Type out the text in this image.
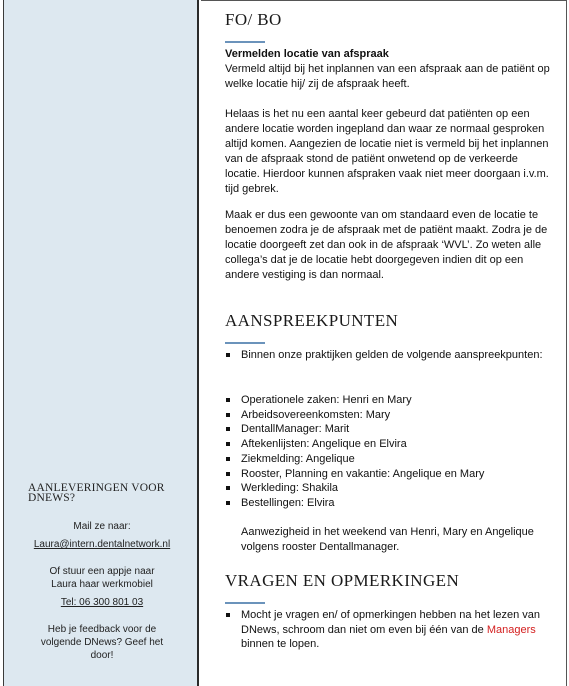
AANLEVERINGEN VOOR DNEWS?
Mail ze naar:
Laura@intern.dentalnetwork.nl
Of stuur een appje naar
Laura haar werkmobiel
Tel: 06 300 801 03
Heb je feedback voor de
volgende DNews? Geef het
door!
FO/ BO
Vermelden locatie van afspraak

Vermeld altijd bij het inplannen van een afspraak aan de patiënt op welke locatie hij/ zij de afspraak heeft.

Helaas is het nu een aantal keer gebeurd dat patiënten op een andere locatie worden ingepland dan waar ze normaal gesproken altijd komen. Aangezien de locatie niet is vermeld bij het inplannen van de afspraak stond de patiënt onwetend op de verkeerde locatie. Hierdoor kunnen afspraken vaak niet meer doorgaan i.v.m. tijd gebrek.

Maak er dus een gewoonte van om standaard even de locatie te benoemen zodra je de afspraak met de patiënt maakt. Zodra je de locatie doorgeeft zet dan ook in de afspraak ‘WVL’. Zo weten alle collega’s dat je de locatie hebt doorgegeven indien dit op een andere vestiging is dan normaal.

AANSPREEKPUNTEN
Binnen onze praktijken gelden de volgende aanspreekpunten:
Operationele zaken: Henri en Mary
Arbeidsovereenkomsten: Mary
DentallManager: Marit
Aftekenlijsten: Angelique en Elvira
Ziekmelding: Angelique
Rooster, Planning en vakantie: Angelique en Mary
Werkleding: Shakila
Bestellingen: Elvira

Aanwezigheid in het weekend van Henri, Mary en Angelique volgens rooster Dentallmanager.

VRAGEN EN OPMERKINGEN
Mocht je vragen en/ of opmerkingen hebben na het lezen van DNews, schroom dan niet om even bij één van de Managers binnen te lopen.
